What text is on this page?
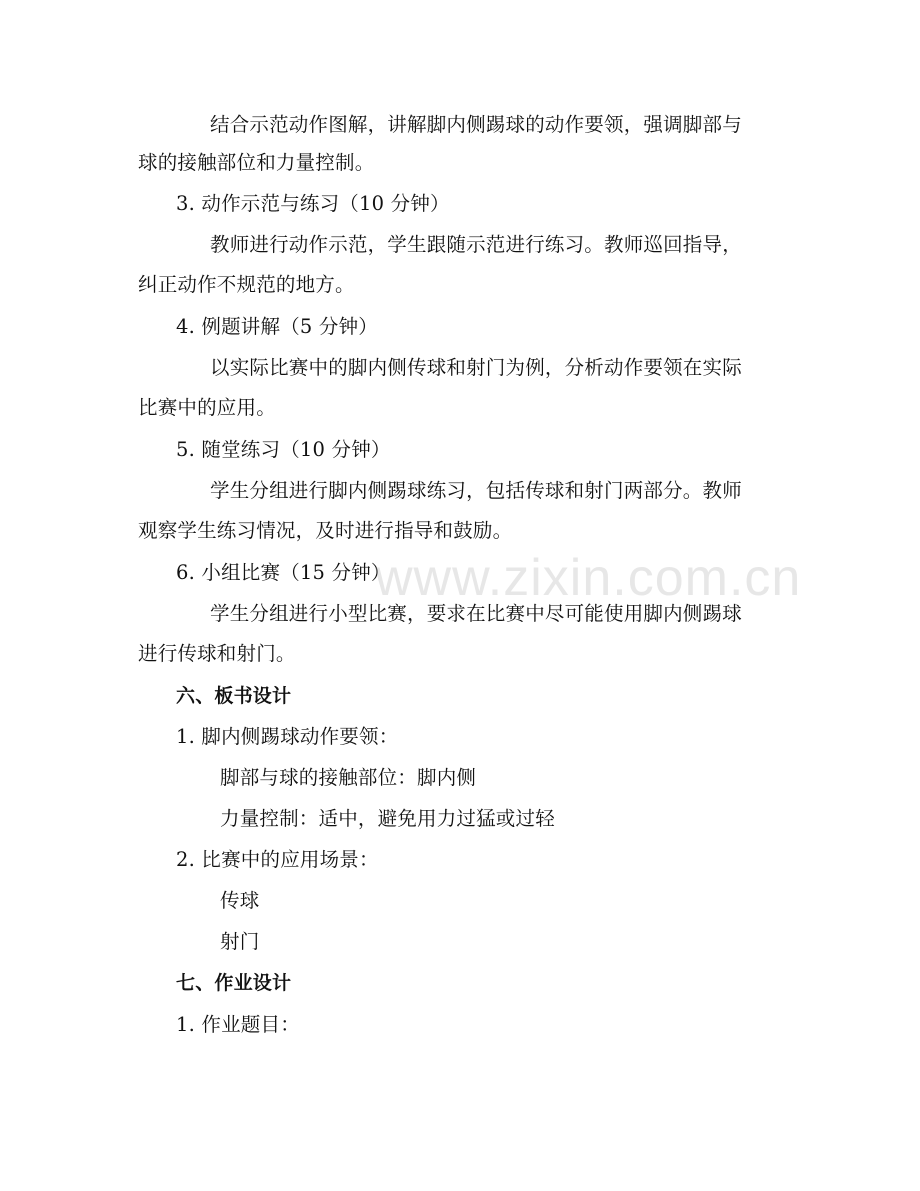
结合示范动作图解，讲解脚内侧踢球的动作要领，强调脚部与
球的接触部位和力量控制。
3. 动作示范与练习（10 分钟）
教师进行动作示范，学生跟随示范进行练习。教师巡回指导，
纠正动作不规范的地方。
4. 例题讲解（5 分钟）
以实际比赛中的脚内侧传球和射门为例，分析动作要领在实际
比赛中的应用。
5. 随堂练习（10 分钟）
学生分组进行脚内侧踢球练习，包括传球和射门两部分。教师
观察学生练习情况，及时进行指导和鼓励。
6. 小组比赛（15 分钟）
学生分组进行小型比赛，要求在比赛中尽可能使用脚内侧踢球
进行传球和射门。
六、板书设计
1. 脚内侧踢球动作要领：
脚部与球的接触部位：脚内侧
力量控制：适中，避免用力过猛或过轻
2. 比赛中的应用场景：
传球
射门
七、作业设计
1. 作业题目：
www.zixin.com.cn
